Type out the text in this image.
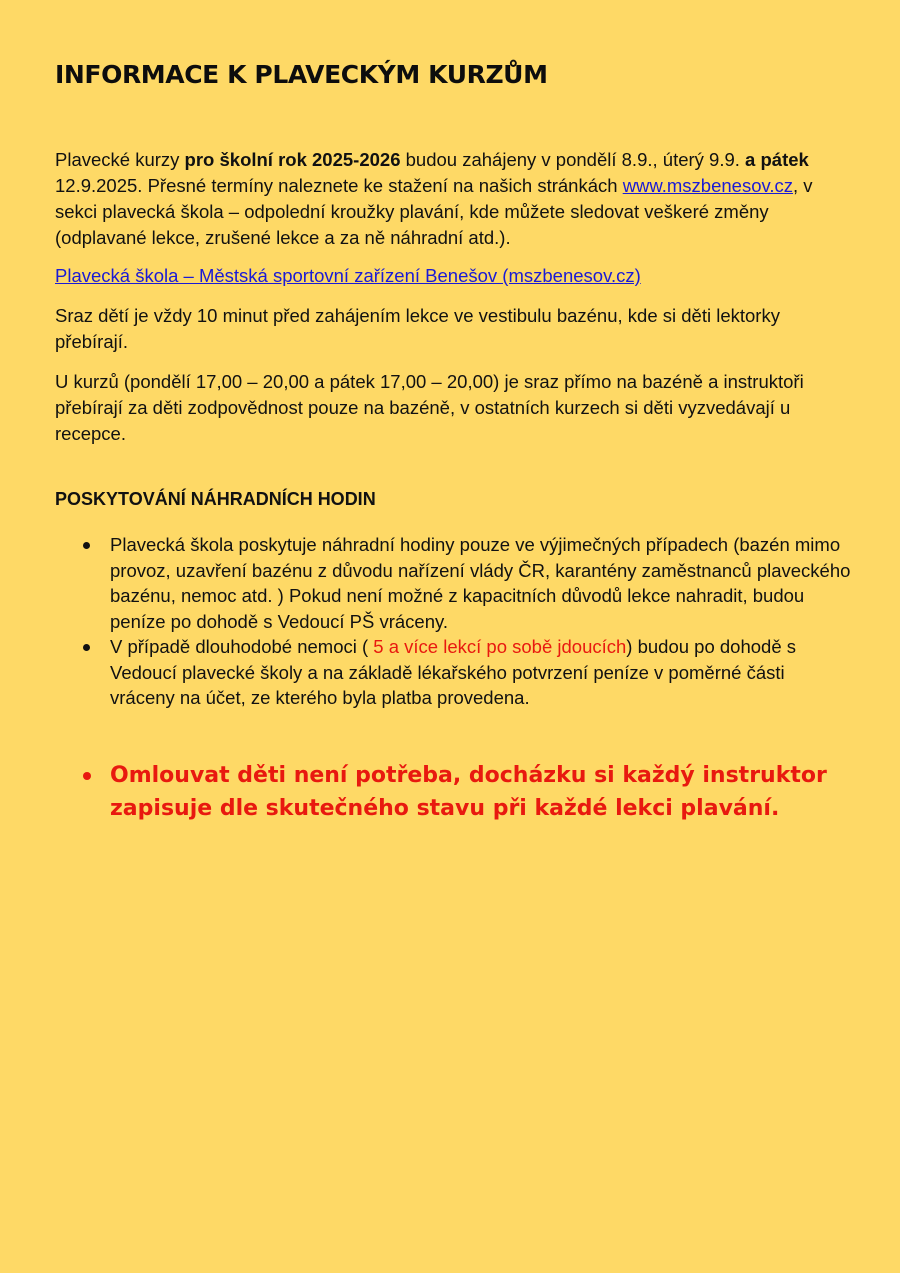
INFORMACE K PLAVECKÝM KURZŮM

Plavecké kurzy pro školní rok 2025-2026 budou zahájeny v pondělí 8.9., úterý 9.9. a pátek 12.9.2025. Přesné termíny naleznete ke stažení na našich stránkách www.mszbenesov.cz, v sekci plavecká škola – odpolední kroužky plavání, kde můžete sledovat veškeré změny (odplavané lekce, zrušené lekce a za ně náhradní atd.).

Plavecká škola – Městská sportovní zařízení Benešov (mszbenesov.cz)

Sraz dětí je vždy 10 minut před zahájením lekce ve vestibulu bazénu, kde si děti lektorky přebírají.

U kurzů (pondělí 17,00 – 20,00 a pátek 17,00 – 20,00) je sraz přímo na bazéně a instruktoři přebírají za děti zodpovědnost pouze na bazéně, v ostatních kurzech si děti vyzvedávají u recepce.

POSKYTOVÁNÍ NÁHRADNÍCH HODIN
Plavecká škola poskytuje náhradní hodiny pouze ve výjimečných případech (bazén mimo provoz, uzavření bazénu z důvodu nařízení vlády ČR, karantény zaměstnanců plaveckého bazénu, nemoc atd. ) Pokud není možné z kapacitních důvodů lekce nahradit, budou peníze po dohodě s Vedoucí PŠ vráceny.
V případě dlouhodobé nemoci ( 5 a více lekcí po sobě jdoucích) budou po dohodě s Vedoucí plavecké školy a na základě lékařského potvrzení peníze v poměrné části vráceny na účet, ze kterého byla platba provedena.
Omlouvat děti není potřeba, docházku si každý instruktor zapisuje dle skutečného stavu při každé lekci plavání.
